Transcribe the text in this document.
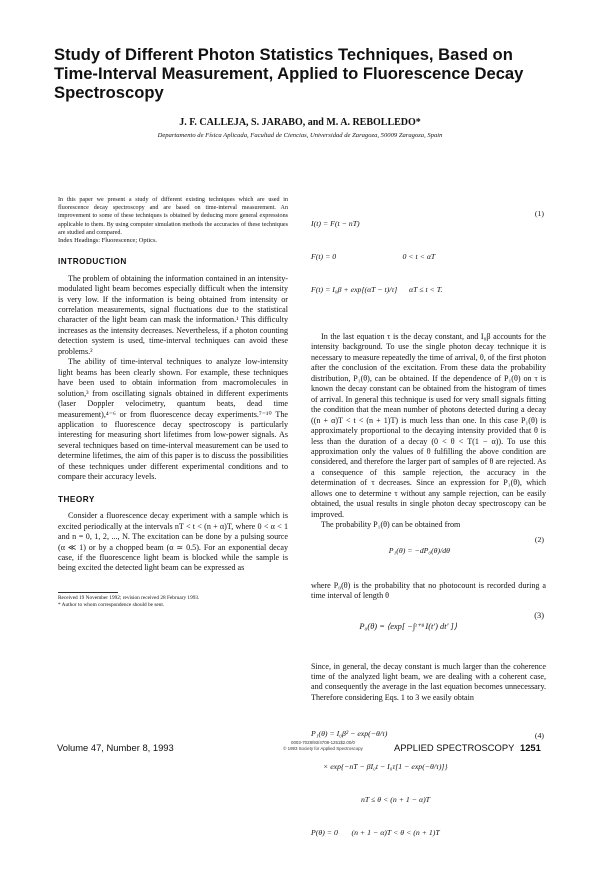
Study of Different Photon Statistics Techniques, Based on Time-Interval Measurement, Applied to Fluorescence Decay Spectroscopy
J. F. CALLEJA, S. JARABO, and M. A. REBOLLEDO*
Departamento de Física Aplicada, Facultad de Ciencias, Universidad de Zaragoza, 50009 Zaragoza, Spain
In this paper we present a study of different existing techniques which are used in fluorescence decay spectroscopy and are based on time-interval measurement. An improvement to some of these techniques is obtained by deducing more general expressions applicable to them. By using computer simulation methods the accuracies of these techniques are studied and compared.
Index Headings: Fluorescence; Optics.
INTRODUCTION
The problem of obtaining the information contained in an intensity-modulated light beam becomes especially difficult when the intensity is very low. If the information is being obtained from intensity or correlation measurements, signal fluctuations due to the statistical character of the light beam can mask the information.¹ This difficulty increases as the intensity decreases. Nevertheless, if a photon counting detection system is used, time-interval techniques can avoid these problems.²
The ability of time-interval techniques to analyze low-intensity light beams has been clearly shown. For example, these techniques have been used to obtain information from macromolecules in solution,³ from oscillating signals obtained in different experiments (laser Doppler velocimetry, quantum beats, dead time measurement),⁴⁻⁶ or from fluorescence decay experiments.⁷⁻¹⁰ The application to fluorescence decay spectroscopy is particularly interesting for measuring short lifetimes from low-power signals. As several techniques based on time-interval measurement can be used to determine lifetimes, the aim of this paper is to discuss the possibilities of these techniques under different experimental conditions and to compare their accuracy levels.
THEORY
Consider a fluorescence decay experiment with a sample which is excited periodically at the intervals nT < t < (n + α)T, where 0 < α < 1 and n = 0, 1, 2, ..., N. The excitation can be done by a pulsing source (α ≪ 1) or by a chopped beam (α ≃ 0.5). For an exponential decay case, if the fluorescence light beam is blocked while the sample is being excited the detected light beam can be expressed as
Received 19 November 1992; revision received 28 February 1993.
* Author to whom correspondence should be sent.

I(t) = F(t − nT)

F(t) = 0                                  0 < t < αT

F(t) = I₀β + exp[(αT − t)/τ]      αT ≤ t < T.

(1)

In the last equation τ is the decay constant, and I₀β accounts for the intensity background. To use the single photon decay technique it is necessary to measure repeatedly the time of arrival, θ, of the first photon after the conclusion of the excitation. From these data the probability distribution, P₁(θ), can be obtained. If the dependence of P₁(θ) on τ is known the decay constant can be obtained from the histogram of times of arrival. In general this technique is used for very small signals fitting the condition that the mean number of photons detected during a decay ((n + α)T < t < (n + 1)T) is much less than one. In this case P₁(θ) is approximately proportional to the decaying intensity provided that θ is less than the duration of a decay (0 < θ < T(1 − α)). To use this approximation only the values of θ fulfilling the above condition are considered, and therefore the larger part of samples of θ are rejected. As a consequence of this sample rejection, the accuracy in the determination of τ decreases. Since an expression for P₁(θ), which allows one to determine τ without any sample rejection, can be easily obtained, the usual results in single photon decay spectroscopy can be improved.
The probability P₁(θ) can be obtained from

P₁(θ) = −dP₀(θ)/dθ

(2)

where P₀(θ) is the probability that no photocount is recorded during a time interval of length θ

P₀(θ) = ⟨exp[ −∫ᵗ⁺ᶿ I(t′) dt′ ]⟩

(3)

Since, in general, the decay constant is much larger than the coherence time of the analyzed light beam, we are dealing with a coherent case, and consequently the average in the last equation becomes unnecessary. Therefore considering Eqs. 1 to 3 we easily obtain

P₁(θ) = I₀β² − exp(−θ/τ)

× exp{−nT − βI₀t − I₀τ[1 − exp(−θ/τ)]}

nT ≤ θ < (n + 1 − α)T

P(θ) = 0       (n + 1 − α)T < θ < (n + 1)T

(4)

Volume 47, Number 8, 1993	0003-7028/93/4708-1251$2.00/0
© 1993 Society for Applied Spectroscopy	APPLIED SPECTROSCOPY 1251
